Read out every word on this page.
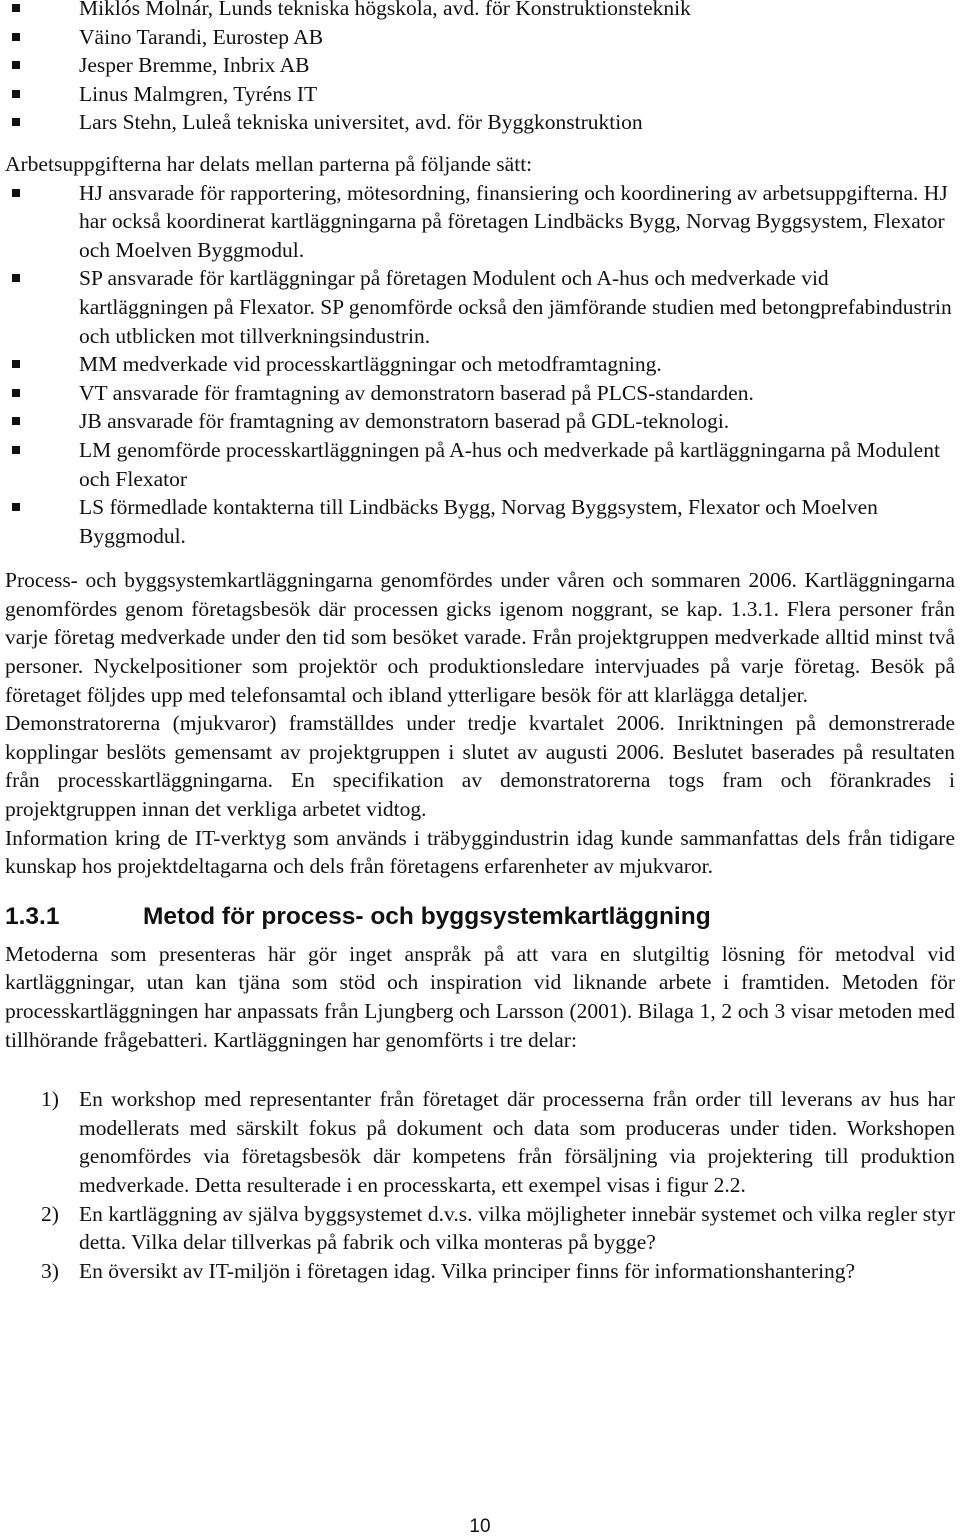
Miklós Molnár, Lunds tekniska högskola, avd. för Konstruktionsteknik
Väino Tarandi, Eurostep AB
Jesper Bremme, Inbrix AB
Linus Malmgren, Tyréns IT
Lars Stehn, Luleå tekniska universitet, avd. för Byggkonstruktion

Arbetsuppgifterna har delats mellan parterna på följande sätt:

HJ ansvarade för rapportering, mötesordning, finansiering och koordinering av arbetsuppgifterna. HJ har också koordinerat kartläggningarna på företagen Lindbäcks Bygg, Norvag Byggsystem, Flexator och Moelven Byggmodul.
SP ansvarade för kartläggningar på företagen Modulent och A-hus och medverkade vid kartläggningen på Flexator. SP genomförde också den jämförande studien med betongprefabindustrin och utblicken mot tillverkningsindustrin.
MM medverkade vid processkartläggningar och metodframtagning.
VT ansvarade för framtagning av demonstratorn baserad på PLCS-standarden.
JB ansvarade för framtagning av demonstratorn baserad på GDL-teknologi.
LM genomförde processkartläggningen på A-hus och medverkade på kartläggningarna på Modulent och Flexator
LS förmedlade kontakterna till Lindbäcks Bygg, Norvag Byggsystem, Flexator och Moelven Byggmodul.

Process- och byggsystemkartläggningarna genomfördes under våren och sommaren 2006. Kartläggningarna genomfördes genom företagsbesök där processen gicks igenom noggrant, se kap. 1.3.1. Flera personer från varje företag medverkade under den tid som besöket varade. Från projektgruppen medverkade alltid minst två personer. Nyckelpositioner som projektör och produktionsledare intervjuades på varje företag. Besök på företaget följdes upp med telefonsamtal och ibland ytterligare besök för att klarlägga detaljer.

Demonstratorerna (mjukvaror) framställdes under tredje kvartalet 2006. Inriktningen på demonstrerade kopplingar beslöts gemensamt av projektgruppen i slutet av augusti 2006. Beslutet baserades på resultaten från processkartläggningarna. En specifikation av demonstratorerna togs fram och förankrades i projektgruppen innan det verkliga arbetet vidtog.

Information kring de IT-verktyg som används i träbyggindustrin idag kunde sammanfattas dels från tidigare kunskap hos projektdeltagarna och dels från företagens erfarenheter av mjukvaror.

1.3.1	Metod för process- och byggsystemkartläggning

Metoderna som presenteras här gör inget anspråk på att vara en slutgiltig lösning för metodval vid kartläggningar, utan kan tjäna som stöd och inspiration vid liknande arbete i framtiden. Metoden för processkartläggningen har anpassats från Ljungberg och Larsson (2001). Bilaga 1, 2 och 3 visar metoden med tillhörande frågebatteri. Kartläggningen har genomförts i tre delar:

1) En workshop med representanter från företaget där processerna från order till leverans av hus har modellerats med särskilt fokus på dokument och data som produceras under tiden. Workshopen genomfördes via företagsbesök där kompetens från försäljning via projektering till produktion medverkade. Detta resulterade i en processkarta, ett exempel visas i figur 2.2.
2) En kartläggning av själva byggsystemet d.v.s. vilka möjligheter innebär systemet och vilka regler styr detta. Vilka delar tillverkas på fabrik och vilka monteras på bygge?
3) En översikt av IT-miljön i företagen idag. Vilka principer finns för informationshantering?
10
